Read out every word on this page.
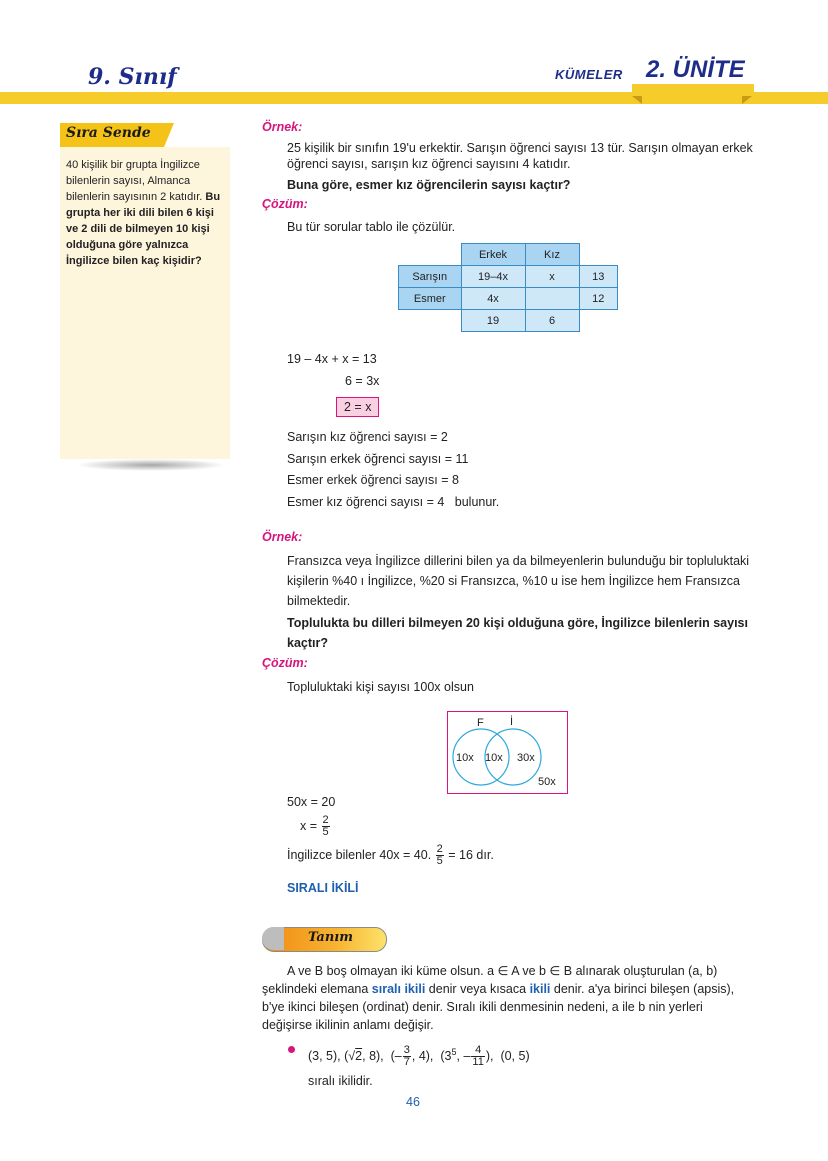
9. Sınıf	KÜMELER 2. ÜNİTE
Sıra Sende
40 kişilik bir grupta İngilizce bilenlerin sayısı, Almanca bilenlerin sayısının 2 katıdır. Bu grupta her iki dili bilen 6 kişi ve 2 dili de bilmeyen 10 kişi olduğuna göre yalnızca İngilizce bilen kaç kişidir?
Örnek:
25 kişilik bir sınıfın 19'u erkektir. Sarışın öğrenci sayısı 13 tür. Sarışın olmayan erkek öğrenci sayısı, sarışın kız öğrenci sayısını 4 katıdır.
Buna göre, esmer kız öğrencilerin sayısı kaçtır?
Çözüm:
Bu tür sorular tablo ile çözülür.
	Erkek	Kız	
Sarışın	19–4x	x	13
Esmer	4x		12
	19	6	
19 – 4x + x = 13
6 = 3x
2 = x
Sarışın kız öğrenci sayısı = 2
Sarışın erkek öğrenci sayısı = 11
Esmer erkek öğrenci sayısı = 8
Esmer kız öğrenci sayısı = 4   bulunur.
Örnek:
Fransızca veya İngilizce dillerini bilen ya da bilmeyenlerin bulunduğu bir topluluktaki kişilerin %40 ı İngilizce, %20 si Fransızca, %10 u ise hem İngilizce hem Fransızca bilmektedir.
Toplulukta bu dilleri bilmeyen 20 kişi olduğuna göre, İngilizce bilenlerin sayısı kaçtır?
Çözüm:
Topluluktaki kişi sayısı 100x olsun
F İ
10x 10x 30x
50x
50x = 20
$x = \frac{2}{5}$
İngilizce bilenler 40x = 40. $\frac{2}{5} = 16$ dır.
SIRALI İKİLİ
Tanım
A ve B boş olmayan iki küme olsun. a ∈ A ve b ∈ B alınarak oluşturulan (a, b) şeklindeki elemana sıralı ikili denir veya kısaca ikili denir. a'ya birinci bileşen (apsis), b'ye ikinci bileşen (ordinat) denir. Sıralı ikili denmesinin nedeni, a ile b nin yerleri değişirse ikilinin anlamı değişir.
(3, 5), (√2, 8), (– $\frac{3}{7}$ , 4), ($3^5$, – $\frac{4}{11}$ ), (0, 5)
sıralı ikilidir.
46
